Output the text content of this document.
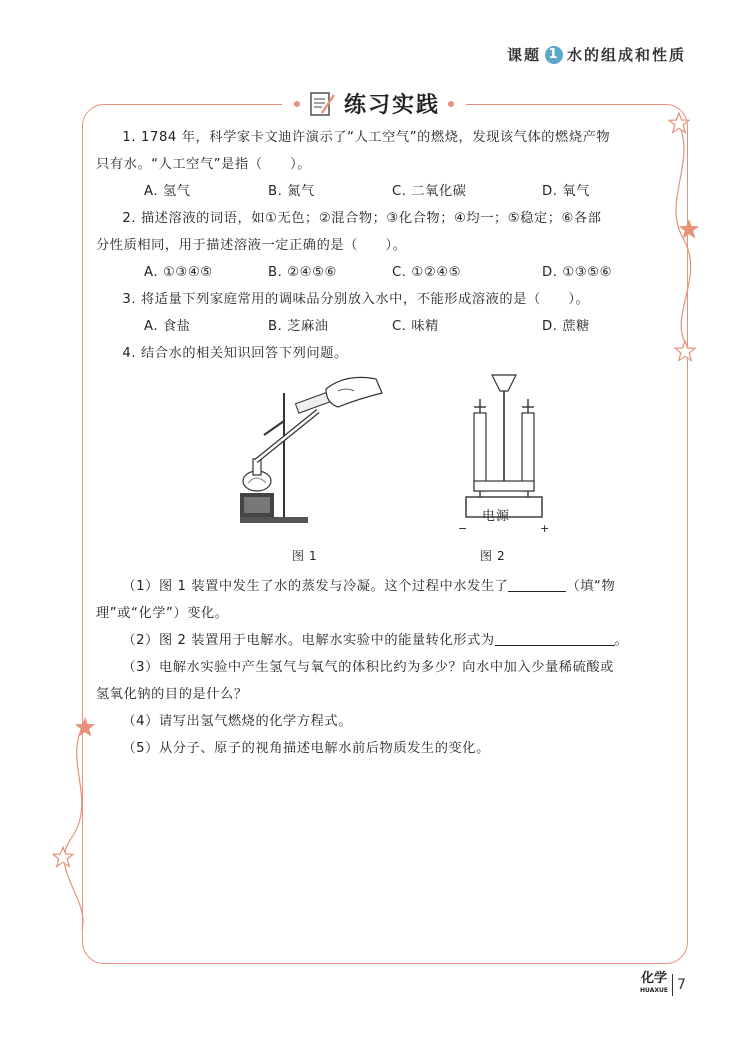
课题 1 水的组成和性质
练习实践

1. 1784 年，科学家卡文迪许演示了“人工空气”的燃烧，发现该气体的燃烧产物

只有水。“人工空气”是指（　　）。

A. 氢气	B. 氮气	C. 二氧化碳	D. 氧气

2. 描述溶液的词语，如①无色；②混合物；③化合物；④均一；⑤稳定；⑥各部

分性质相同，用于描述溶液一定正确的是（　　）。

A. ①③④⑤	B. ②④⑤⑥	C. ①②④⑤	D. ①③⑤⑥

3. 将适量下列家庭常用的调味品分别放入水中，不能形成溶液的是（　　）。

A. 食盐	B. 芝麻油	C. 味精	D. 蔗糖

4. 结合水的相关知识回答下列问题。

图 1
电源
−	+
图 2

（1）图 1 装置中发生了水的蒸发与冷凝。这个过程中水发生了	（填“物

理”或“化学”）变化。

（2）图 2 装置用于电解水。电解水实验中的能量转化形式为	。

（3）电解水实验中产生氢气与氧气的体积比约为多少？向水中加入少量稀硫酸或

氢氧化钠的目的是什么？

（4）请写出氢气燃烧的化学方程式。

（5）从分子、原子的视角描述电解水前后物质发生的变化。

化学
HUAXUE 7
